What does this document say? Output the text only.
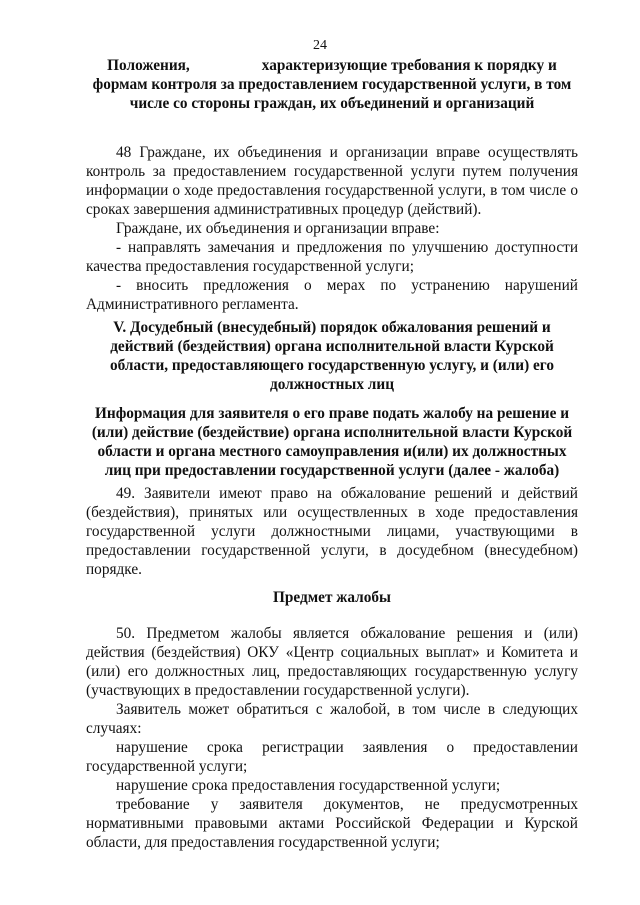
24
Положения,	характеризующие требования к порядку и формам контроля за предоставлением государственной услуги, в том числе со стороны граждан, их объединений и организаций

48 Граждане, их объединения и организации вправе осуществлять контроль за предоставлением государственной услуги путем получения информации о ходе предоставления государственной услуги, в том числе о сроках завершения административных процедур (действий).

Граждане, их объединения и организации вправе:

- направлять замечания и предложения по улучшению доступности качества предоставления государственной услуги;

- вносить предложения о мерах по устранению нарушений Административного регламента.

V. Досудебный (внесудебный) порядок обжалования решений и действий (бездействия) органа исполнительной власти Курской области, предоставляющего государственную услугу, и (или) его должностных лиц
Информация для заявителя о его праве подать жалобу на решение и (или) действие (бездействие) органа исполнительной власти Курской области и органа местного самоуправления и(или) их должностных лиц при предоставлении государственной услуги (далее - жалоба)
49. Заявители имеют право на обжалование решений и действий (бездействия), принятых или осуществленных в ходе предоставления государственной услуги должностными лицами, участвующими в предоставлении государственной услуги, в досудебном (внесудебном) порядке.
Предмет жалобы

50. Предметом жалобы является обжалование решения и (или) действия (бездействия) ОКУ «Центр социальных выплат» и Комитета и (или) его должностных лиц, предоставляющих государственную услугу (участвующих в предоставлении государственной услуги).

Заявитель может обратиться с жалобой, в том числе в следующих случаях:

нарушение срока регистрации заявления о предоставлении государственной услуги;

нарушение срока предоставления государственной услуги;

требование у заявителя документов, не предусмотренных нормативными правовыми актами Российской Федерации и Курской области, для предоставления государственной услуги;
